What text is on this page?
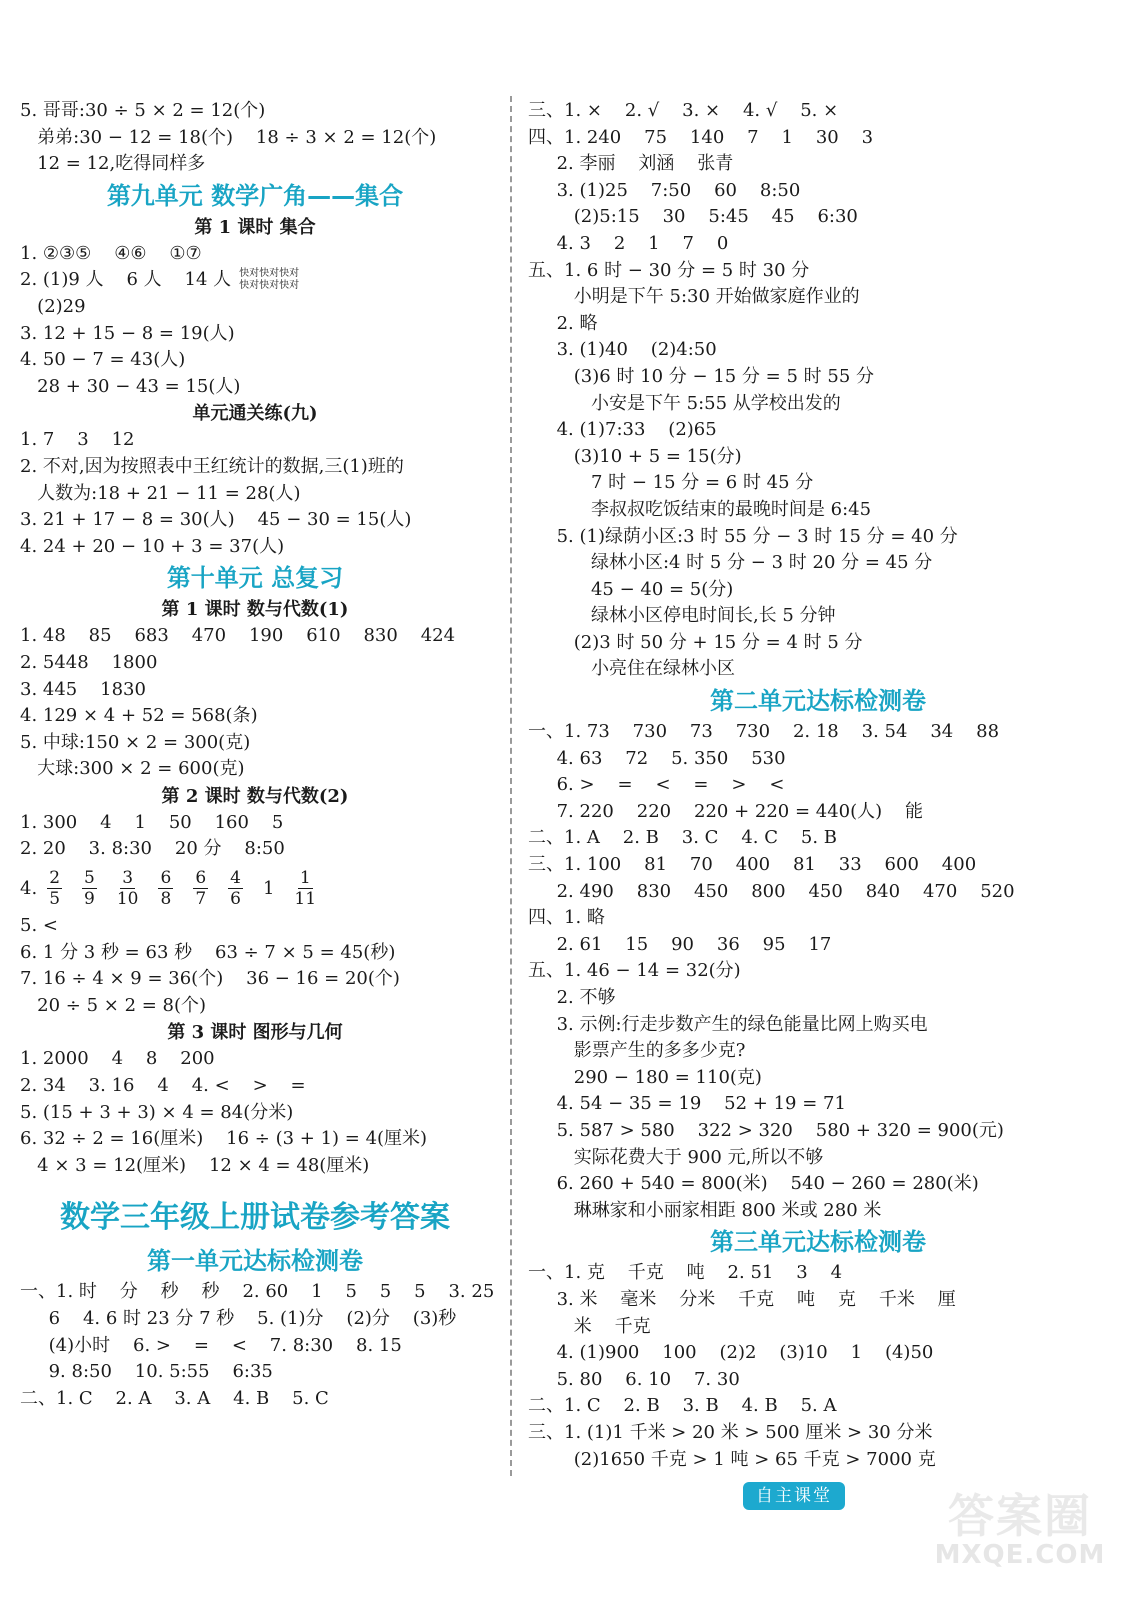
5. 哥哥:30 ÷ 5 × 2 = 12(个)
弟弟:30 − 12 = 18(个)    18 ÷ 3 × 2 = 12(个)
12 = 12,吃得同样多
第九单元 数学广角——集合
第 1 课时 集合
1. ②③⑤    ④⑥    ①⑦
2. (1)9 人    6 人    14 人 快对快对快对
快对快对快对
(2)29
3. 12 + 15 − 8 = 19(人)
4. 50 − 7 = 43(人)
28 + 30 − 43 = 15(人)
单元通关练(九)
1. 7    3    12
2. 不对,因为按照表中王红统计的数据,三(1)班的
人数为:18 + 21 − 11 = 28(人)
3. 21 + 17 − 8 = 30(人)    45 − 30 = 15(人)
4. 24 + 20 − 10 + 3 = 37(人)
第十单元 总复习
第 1 课时 数与代数(1)
1. 48    85    683    470    190    610    830    424
2. 5448    1800
3. 445    1830
4. 129 × 4 + 52 = 568(条)
5. 中球:150 × 2 = 300(克)
大球:300 × 2 = 600(克)
第 2 课时 数与代数(2)
1. 300    4    1    50    160    5
2. 20    3. 8:30    20 分    8:50
4. $\frac{2}{5} \frac{5}{9} \frac{3}{10} \frac{6}{8} \frac{6}{7} \frac{4}{6} 1 \frac{1}{11}$
5. <
6. 1 分 3 秒 = 63 秒    63 ÷ 7 × 5 = 45(秒)
7. 16 ÷ 4 × 9 = 36(个)    36 − 16 = 20(个)
20 ÷ 5 × 2 = 8(个)
第 3 课时 图形与几何
1. 2000    4    8    200
2. 34    3. 16    4    4. <    >    =
5. (15 + 3 + 3) × 4 = 84(分米)
6. 32 ÷ 2 = 16(厘米)    16 ÷ (3 + 1) = 4(厘米)
4 × 3 = 12(厘米)    12 × 4 = 48(厘米)
数学三年级上册试卷参考答案
第一单元达标检测卷
一、1. 时    分    秒    秒    2. 60    1    5    5    5    3. 25
6    4. 6 时 23 分 7 秒    5. (1)分    (2)分    (3)秒
(4)小时    6. >    =    <    7. 8:30    8. 15
9. 8:50    10. 5:55    6:35
二、1. C    2. A    3. A    4. B    5. C
三、1. ×    2. √    3. ×    4. √    5. ×
四、1. 240    75    140    7    1    30    3
2. 李丽    刘涵    张青
3. (1)25    7:50    60    8:50
(2)5:15    30    5:45    45    6:30
4. 3    2    1    7    0
五、1. 6 时 − 30 分 = 5 时 30 分
小明是下午 5:30 开始做家庭作业的
2. 略
3. (1)40    (2)4:50
(3)6 时 10 分 − 15 分 = 5 时 55 分
小安是下午 5:55 从学校出发的
4. (1)7:33    (2)65
(3)10 + 5 = 15(分)
7 时 − 15 分 = 6 时 45 分
李叔叔吃饭结束的最晚时间是 6:45
5. (1)绿荫小区:3 时 55 分 − 3 时 15 分 = 40 分
绿林小区:4 时 5 分 − 3 时 20 分 = 45 分
45 − 40 = 5(分)
绿林小区停电时间长,长 5 分钟
(2)3 时 50 分 + 15 分 = 4 时 5 分
小亮住在绿林小区
第二单元达标检测卷
一、1. 73    730    73    730    2. 18    3. 54    34    88
4. 63    72    5. 350    530
6. >    =    <    =    >    <
7. 220    220    220 + 220 = 440(人)    能
二、1. A    2. B    3. C    4. C    5. B
三、1. 100    81    70    400    81    33    600    400
2. 490    830    450    800    450    840    470    520
四、1. 略
2. 61    15    90    36    95    17
五、1. 46 − 14 = 32(分)
2. 不够
3. 示例:行走步数产生的绿色能量比网上购买电
影票产生的多多少克?
290 − 180 = 110(克)
4. 54 − 35 = 19    52 + 19 = 71
5. 587 > 580    322 > 320    580 + 320 = 900(元)
实际花费大于 900 元,所以不够
6. 260 + 540 = 800(米)    540 − 260 = 280(米)
琳琳家和小丽家相距 800 米或 280 米
第三单元达标检测卷
一、1. 克    千克    吨    2. 51    3    4
3. 米    毫米    分米    千克    吨    克    千米    厘
米    千克
4. (1)900    100    (2)2    (3)10    1    (4)50
5. 80    6. 10    7. 30
二、1. C    2. B    3. B    4. B    5. A
三、1. (1)1 千米 > 20 米 > 500 厘米 > 30 分米
(2)1650 千克 > 1 吨 > 65 千克 > 7000 克
自主课堂	答案圈
MXQE.COM
